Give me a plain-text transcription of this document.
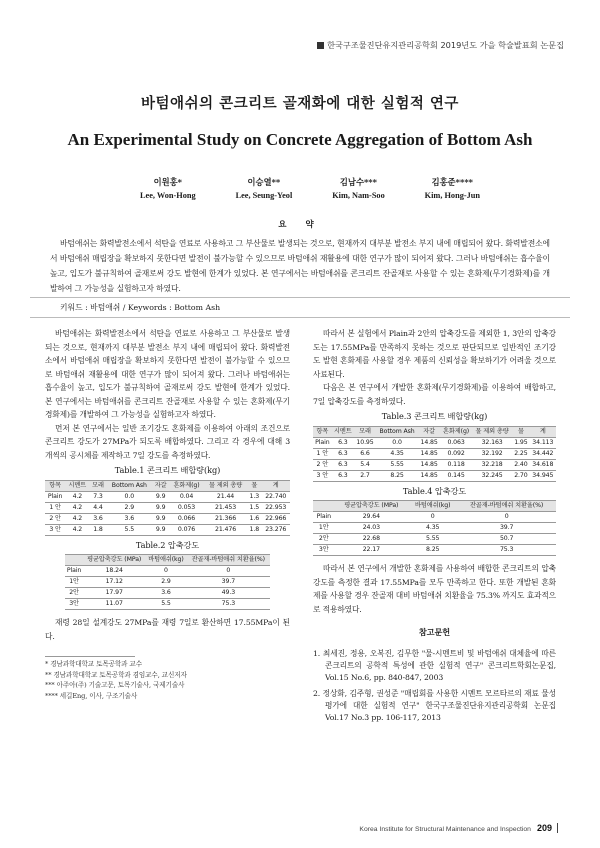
한국구조물진단유지관리공학회 2019년도 가을 학술발표회 논문집
바텀애쉬의 콘크리트 골재화에 대한 실험적 연구
An Experimental Study on Concrete Aggregation of Bottom Ash
이원홍*
Lee, Won-Hong
이승열**
Lee, Seung-Yeol
김남수***
Kim, Nam-Soo
김홍준****
Kim, Hong-Jun
요 약
바텀애쉬는 화력발전소에서 석탄을 연료로 사용하고 그 부산물로 발생되는 것으로, 현재까지 대부분 발전소 부지 내에 매립되어 왔다. 화력발전소에서 바텀애쉬 매립장을 확보하지 못한다면 발전이 불가능할 수 있으므로 바텀애쉬 재활용에 대한 연구가 많이 되어져 왔다. 그러나 바텀애쉬는 흡수율이 높고, 입도가 불규칙하여 골재로써 강도 발현에 한계가 있었다. 본 연구에서는 바텀애쉬를 콘크리트 잔골재로 사용할 수 있는 혼화제(무기경화제)를 개발하여 그 가능성을 실험하고자 하였다.
키워드 : 바텀애쉬 / Keywords : Bottom Ash

바텀애쉬는 화력발전소에서 석탄을 연료로 사용하고 그 부산물로 발생되는 것으로, 현재까지 대부분 발전소 부지 내에 매립되어 왔다. 화력발전소에서 바텀애쉬 매립장을 확보하지 못한다면 발전이 불가능할 수 있으므로 바텀애쉬 재활용에 대한 연구가 많이 되어져 왔다. 그러나 바텀애쉬는 흡수율이 높고, 입도가 불규칙하여 골재로써 강도 발현에 한계가 있었다. 본 연구에서는 바텀애쉬를 콘크리트 잔골재로 사용할 수 있는 혼화제(무기경화제)를 개발하여 그 가능성을 실험하고자 하였다.

먼저 본 연구에서는 일반 조기강도 혼화제를 이용하여 아래의 조건으로 콘크리트 강도가 27MPa가 되도록 배합하였다. 그리고 각 경우에 대해 3개씩의 공시체를 제작하고 7일 강도를 측정하였다.

Table.1 콘크리트 배합량(kg)
항목	시멘트	모래	Bottom Ash	자갈	혼화제(g)	물 제외 총량	물	계
Plain	4.2	7.3	0.0	9.9	0.04	21.44	1.3	22.740
1 안	4.2	4.4	2.9	9.9	0.053	21.453	1.5	22.953
2 안	4.2	3.6	3.6	9.9	0.066	21.366	1.6	22.966
3 안	4.2	1.8	5.5	9.9	0.076	21.476	1.8	23.276
Table.2 압축강도
	평균압축강도 (MPa)	바텀애쉬(kg)	잔골재-바텀애쉬 치환율(%)
Plain	18.24	0	0
1안	17.12	2.9	39.7
2안	17.97	3.6	49.3
3안	11.07	5.5	75.3

재령 28일 설계강도 27MPa를 재령 7일로 환산하면 17.55MPa이 된다.

* 경남과학대학교 토목공학과 교수
** 경남과학대학교 토목공학과 겸임교수, 교신저자
*** 아주아(주) 기술고문, 토목기술사, 국제기술사
**** 세길Eng, 이사, 구조기술사

따라서 본 실험에서 Plain과 2안의 압축강도를 제외한 1, 3안의 압축강도는 17.55MPa를 만족하지 못하는 것으로 판단되므로 일반적인 조기강도 발현 혼화제를 사용할 경우 제품의 신뢰성을 확보하기가 어려울 것으로 사료된다.

다음은 본 연구에서 개발한 혼화제(무기경화제)를 이용하여 배합하고, 7일 압축강도를 측정하였다.

Table.3 콘크리트 배합량(kg)
항목	시멘트	모래	Bottom Ash	자갈	혼화제(g)	물 제외 총량	물	계
Plain	6.3	10.95	0.0	14.85	0.063	32.163	1.95	34.113
1 안	6.3	6.6	4.35	14.85	0.092	32.192	2.25	34.442
2 안	6.3	5.4	5.55	14.85	0.118	32.218	2.40	34.618
3 안	6.3	2.7	8.25	14.85	0.145	32.245	2.70	34.945
Table.4 압축강도
	평균압축강도 (MPa)	바텀애쉬(kg)	잔골재-바텀애쉬 치환율(%)
Plain	29.64	0	0
1안	24.03	4.35	39.7
2안	22.68	5.55	50.7
3안	22.17	8.25	75.3

따라서 본 연구에서 개발한 혼화제를 사용하여 배합한 콘크리트의 압축강도를 측정한 결과 17.55MPa를 모두 만족하고 한다. 또한 개발된 혼화제를 사용할 경우 잔골재 대비 바텀애쉬 치환율을 75.3% 까지도 효과적으로 적용하였다.

참고문헌
1. 최세진, 정용, 오복진, 김무한 "물-시멘트비 및 바텀애쉬 대체율에 따른 콘크리트의 공학적 특성에 관한 실험적 연구" 콘크리트학회논문집, Vol.15 No.6, pp. 840-847, 2003
2. 정상화, 김주형, 권성준 "매립회를 사용한 시멘트 모르타르의 재료 물성 평가에 대한 실험적 연구" 한국구조물진단유지관리공학회 논문집 Vol.17 No.3 pp. 106-117, 2013
Korea Institute for Structural Maintenance and Inspection 209
